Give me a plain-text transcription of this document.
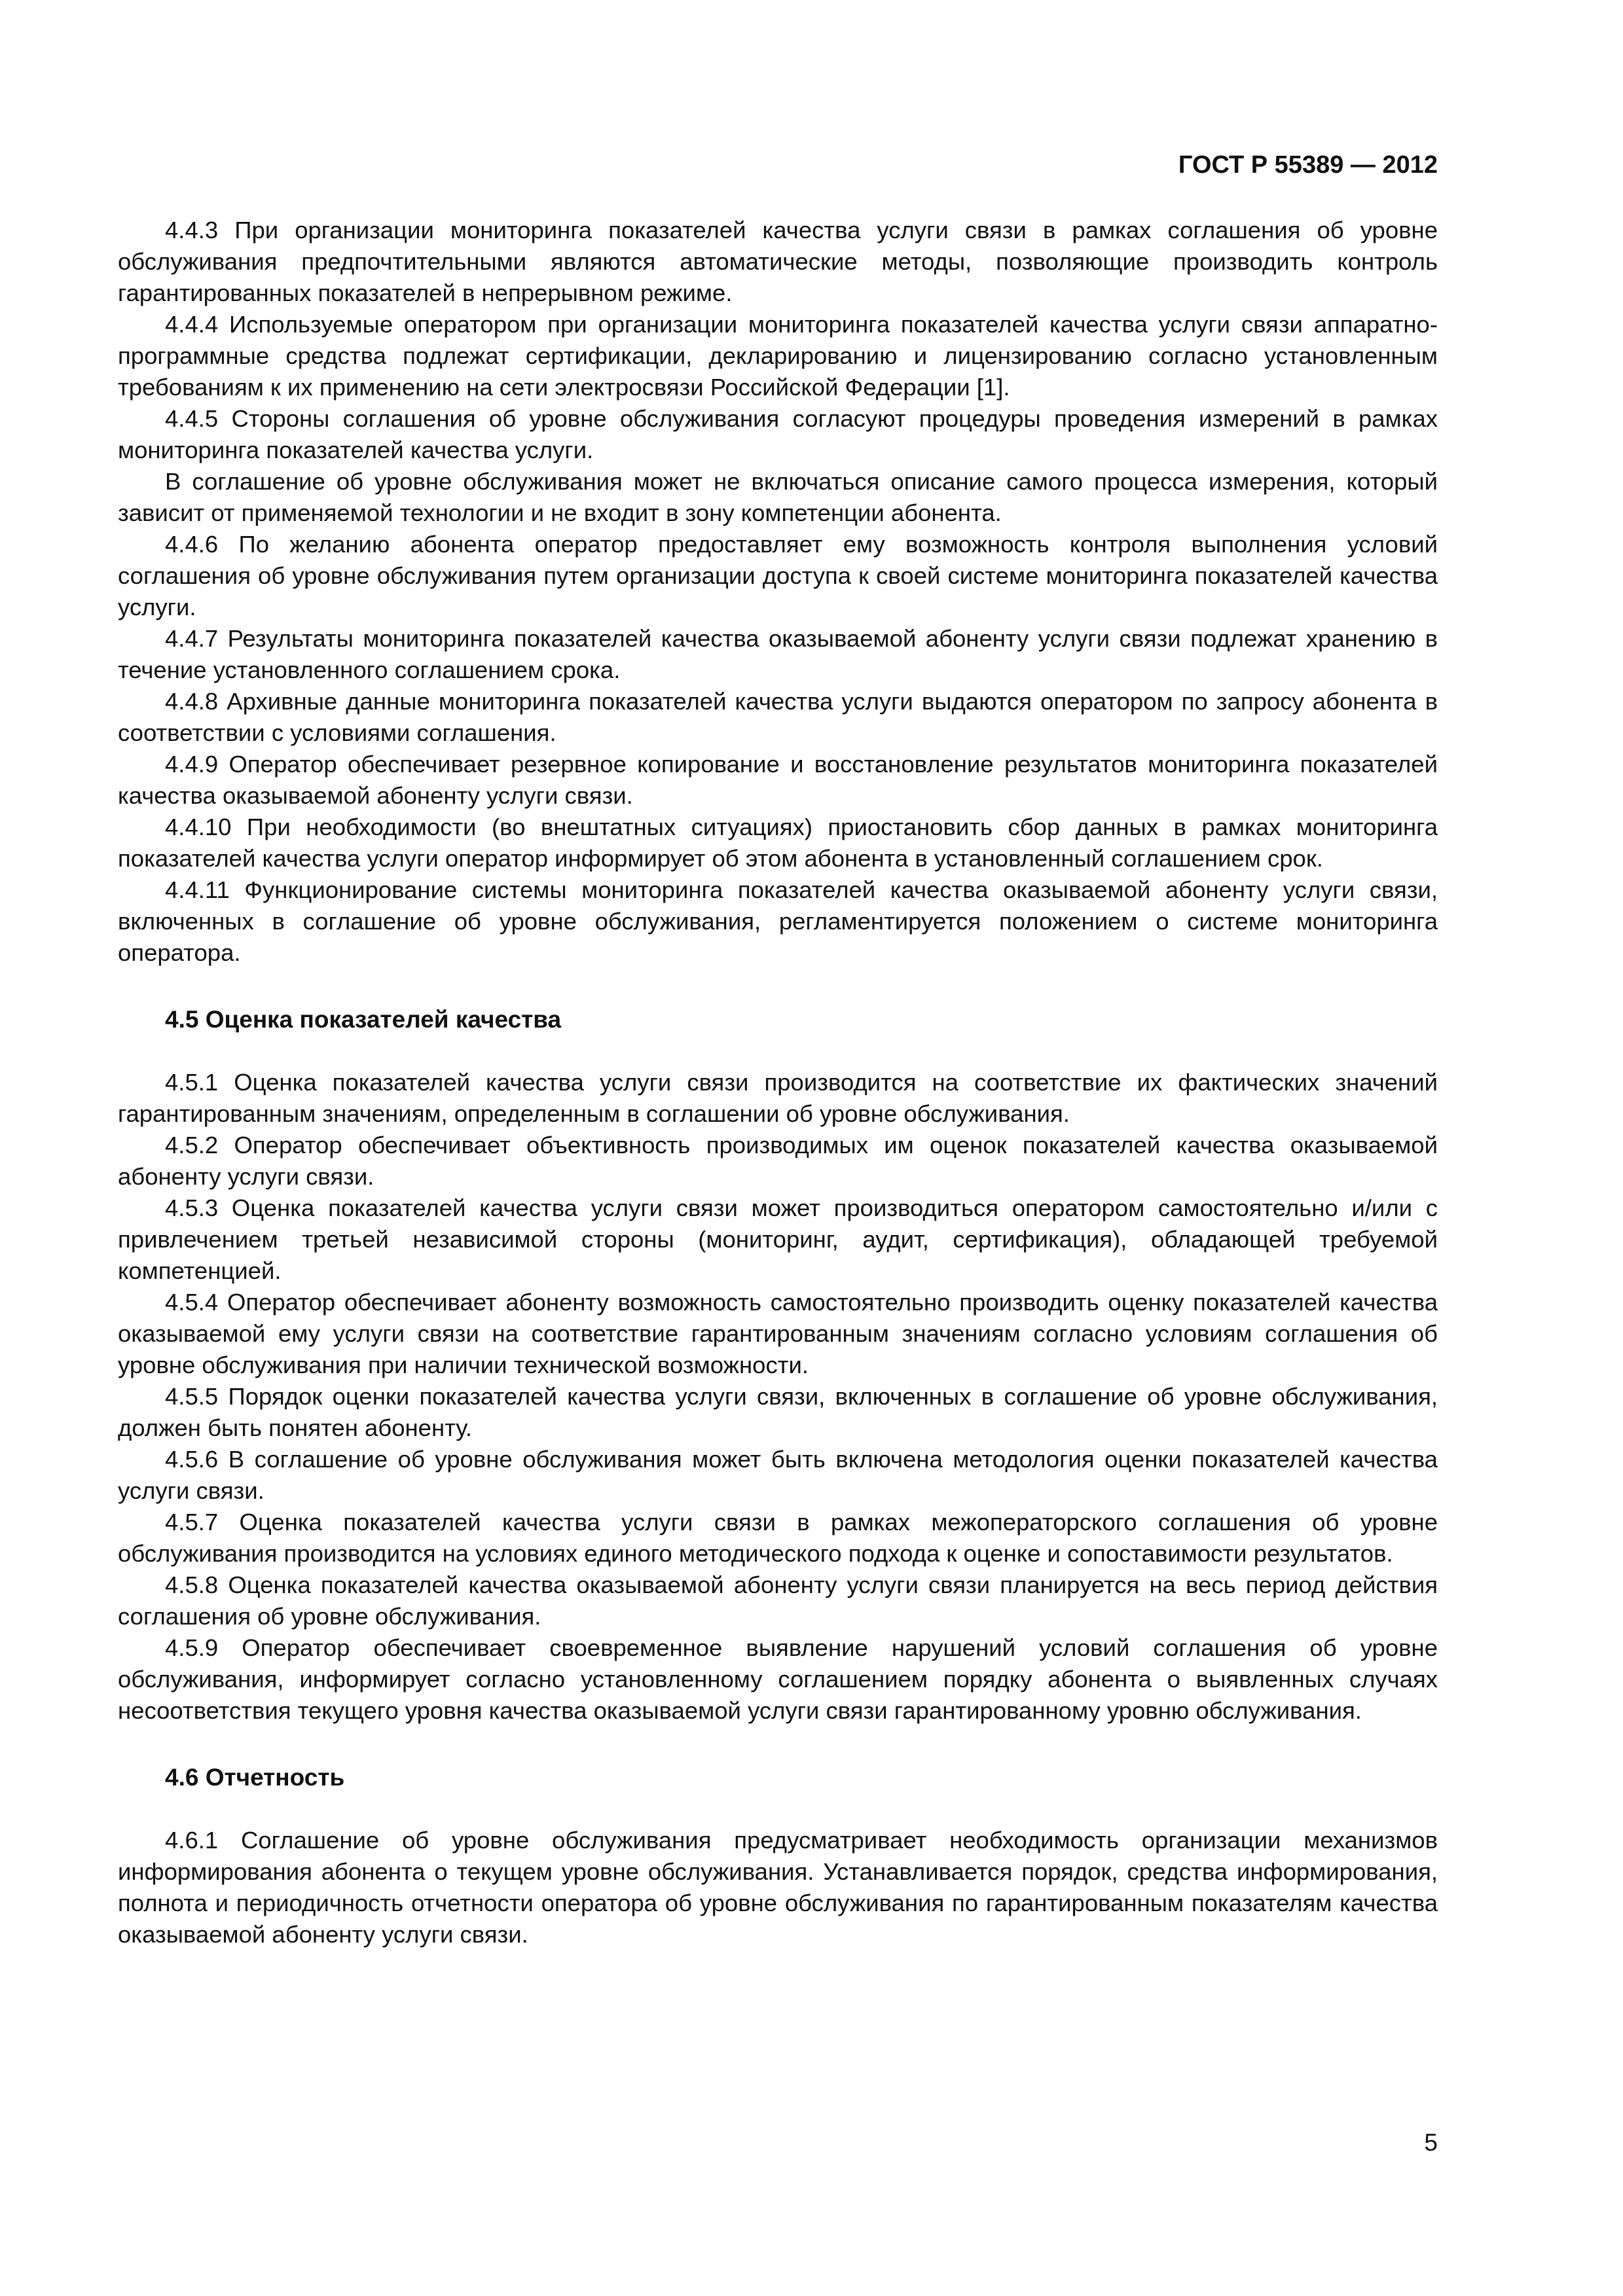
ГОСТ Р 55389 — 2012

4.4.3 При организации мониторинга показателей качества услуги связи в рамках соглашения об уровне обслуживания предпочтительными являются автоматические методы, позволяющие производить контроль гарантированных показателей в непрерывном режиме.

4.4.4 Используемые оператором при организации мониторинга показателей качества услуги связи аппаратно-программные средства подлежат сертификации, декларированию и лицензированию согласно установленным требованиям к их применению на сети электросвязи Российской Федерации [1].

4.4.5 Стороны соглашения об уровне обслуживания согласуют процедуры проведения измерений в рамках мониторинга показателей качества услуги.

В соглашение об уровне обслуживания может не включаться описание самого процесса измерения, который зависит от применяемой технологии и не входит в зону компетенции абонента.

4.4.6 По желанию абонента оператор предоставляет ему возможность контроля выполнения условий соглашения об уровне обслуживания путем организации доступа к своей системе мониторинга показателей качества услуги.

4.4.7 Результаты мониторинга показателей качества оказываемой абоненту услуги связи подлежат хранению в течение установленного соглашением срока.

4.4.8 Архивные данные мониторинга показателей качества услуги выдаются оператором по запросу абонента в соответствии с условиями соглашения.

4.4.9 Оператор обеспечивает резервное копирование и восстановление результатов мониторинга показателей качества оказываемой абоненту услуги связи.

4.4.10 При необходимости (во внештатных ситуациях) приостановить сбор данных в рамках мониторинга показателей качества услуги оператор информирует об этом абонента в установленный соглашением срок.

4.4.11 Функционирование системы мониторинга показателей качества оказываемой абоненту услуги связи, включенных в соглашение об уровне обслуживания, регламентируется положением о системе мониторинга оператора.

4.5 Оценка показателей качества

4.5.1 Оценка показателей качества услуги связи производится на соответствие их фактических значений гарантированным значениям, определенным в соглашении об уровне обслуживания.

4.5.2 Оператор обеспечивает объективность производимых им оценок показателей качества оказываемой абоненту услуги связи.

4.5.3 Оценка показателей качества услуги связи может производиться оператором самостоятельно и/или с привлечением третьей независимой стороны (мониторинг, аудит, сертификация), обладающей требуемой компетенцией.

4.5.4 Оператор обеспечивает абоненту возможность самостоятельно производить оценку показателей качества оказываемой ему услуги связи на соответствие гарантированным значениям согласно условиям соглашения об уровне обслуживания при наличии технической возможности.

4.5.5 Порядок оценки показателей качества услуги связи, включенных в соглашение об уровне обслуживания, должен быть понятен абоненту.

4.5.6 В соглашение об уровне обслуживания может быть включена методология оценки показателей качества услуги связи.

4.5.7 Оценка показателей качества услуги связи в рамках межоператорского соглашения об уровне обслуживания производится на условиях единого методического подхода к оценке и сопоставимости результатов.

4.5.8 Оценка показателей качества оказываемой абоненту услуги связи планируется на весь период действия соглашения об уровне обслуживания.

4.5.9 Оператор обеспечивает своевременное выявление нарушений условий соглашения об уровне обслуживания, информирует согласно установленному соглашением порядку абонента о выявленных случаях несоответствия текущего уровня качества оказываемой услуги связи гарантированному уровню обслуживания.

4.6 Отчетность

4.6.1 Соглашение об уровне обслуживания предусматривает необходимость организации механизмов информирования абонента о текущем уровне обслуживания. Устанавливается порядок, средства информирования, полнота и периодичность отчетности оператора об уровне обслуживания по гарантированным показателям качества оказываемой абоненту услуги связи.

5
